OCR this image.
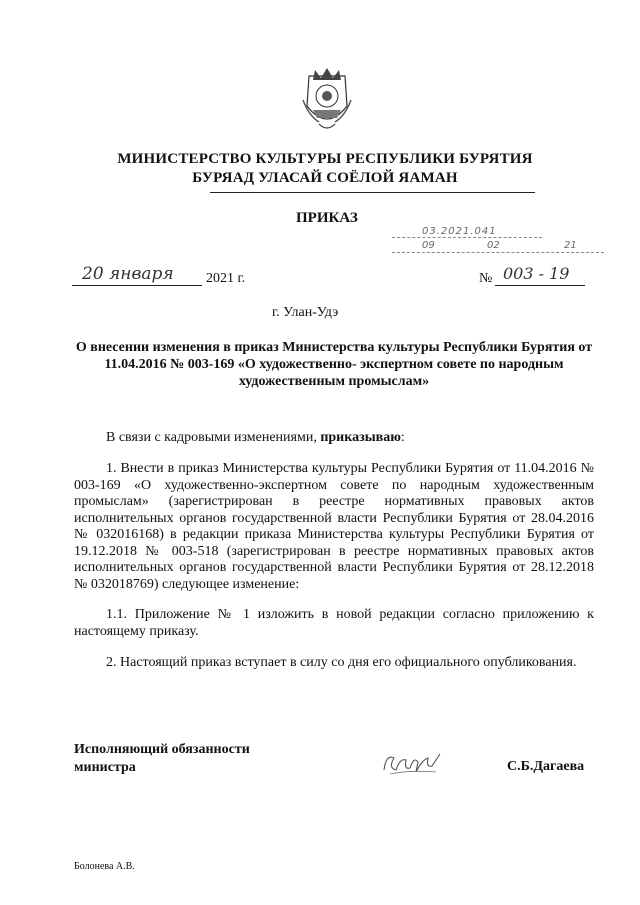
МИНИСТЕРСТВО КУЛЬТУРЫ РЕСПУБЛИКИ БУРЯТИЯ
БУРЯАД УЛАСАЙ СОЁЛОЙ ЯАМАН
ПРИКАЗ
03.2021.041
09	02	21
20 января 2021 г.	№ 003 - 19
г. Улан-Удэ
О внесении изменения в приказ Министерства культуры Республики Бурятия от 11.04.2016 № 003-169 «О художественно- экспертном совете по народным художественным промыслам»
В связи с кадровыми изменениями, приказываю:
1. Внести в приказ Министерства культуры Республики Бурятия от 11.04.2016 № 003-169 «О художественно-экспертном совете по народным художественным промыслам» (зарегистрирован в реестре нормативных правовых актов исполнительных органов государственной власти Республики Бурятия от 28.04.2016 № 032016168) в редакции приказа Министерства культуры Республики Бурятия от 19.12.2018 № 003-518 (зарегистрирован в реестре нормативных правовых актов исполнительных органов государственной власти Республики Бурятия от 28.12.2018 № 032018769) следующее изменение:
1.1. Приложение № 1 изложить в новой редакции согласно приложению к настоящему приказу.
2. Настоящий приказ вступает в силу со дня его официального опубликования.
Исполняющий обязанности
министра	С.Б.Дагаева
Болонева А.В.
